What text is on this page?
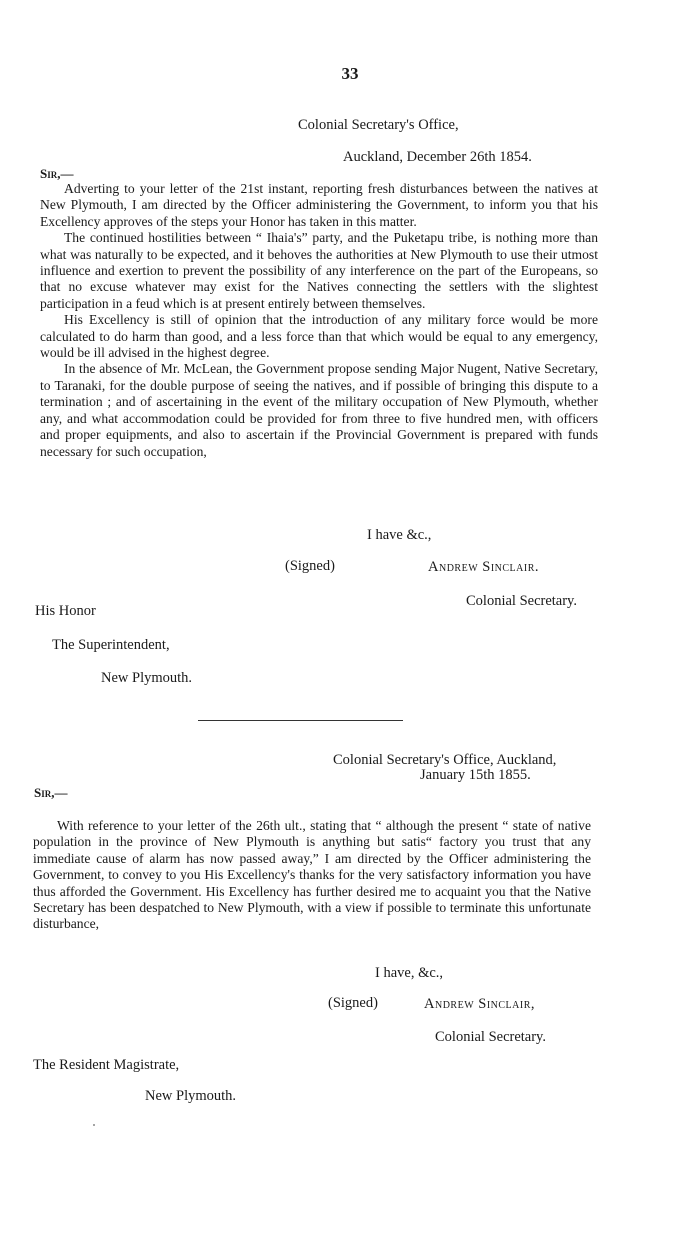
33
Colonial Secretary's Office,
Auckland, December 26th 1854.
Sir,—

Adverting to your letter of the 21st instant, reporting fresh disturbances between the natives at New Plymouth, I am directed by the Officer administering the Government, to inform you that his Excellency approves of the steps your Honor has taken in this matter.

The continued hostilities between “ Ihaia's” party, and the Puketapu tribe, is nothing more than what was naturally to be expected, and it behoves the authorities at New Plymouth to use their utmost influence and exertion to prevent the possibility of any interference on the part of the Europeans, so that no excuse whatever may exist for the Natives connecting the settlers with the slightest participation in a feud which is at present entirely between themselves.

His Excellency is still of opinion that the introduction of any military force would be more calculated to do harm than good, and a less force than that which would be equal to any emergency, would be ill advised in the highest degree.

In the absence of Mr. McLean, the Government propose sending Major Nugent, Native Secretary, to Taranaki, for the double purpose of seeing the natives, and if possible of bringing this dispute to a termination ; and of ascertaining in the event of the military occupation of New Plymouth, whether any, and what accommodation could be provided for from three to five hundred men, with officers and proper equipments, and also to ascertain if the Provincial Government is prepared with funds necessary for such occupation,

I have &c.,
(Signed)	Andrew Sinclair.
Colonial Secretary.
His Honor
The Superintendent,
New Plymouth.
Colonial Secretary's Office, Auckland,
January 15th 1855.
Sir,—

With reference to your letter of the 26th ult., stating that “ although the present “ state of native population in the province of New Plymouth is anything but satis“ factory you trust that any immediate cause of alarm has now passed away,” I am directed by the Officer administering the Government, to convey to you His Excellency's thanks for the very satisfactory information you have thus afforded the Government. His Excellency has further desired me to acquaint you that the Native Secretary has been despatched to New Plymouth, with a view if possible to terminate this unfortunate disturbance,

I have, &c.,
(Signed)	Andrew Sinclair,
Colonial Secretary.
The Resident Magistrate,
New Plymouth.
